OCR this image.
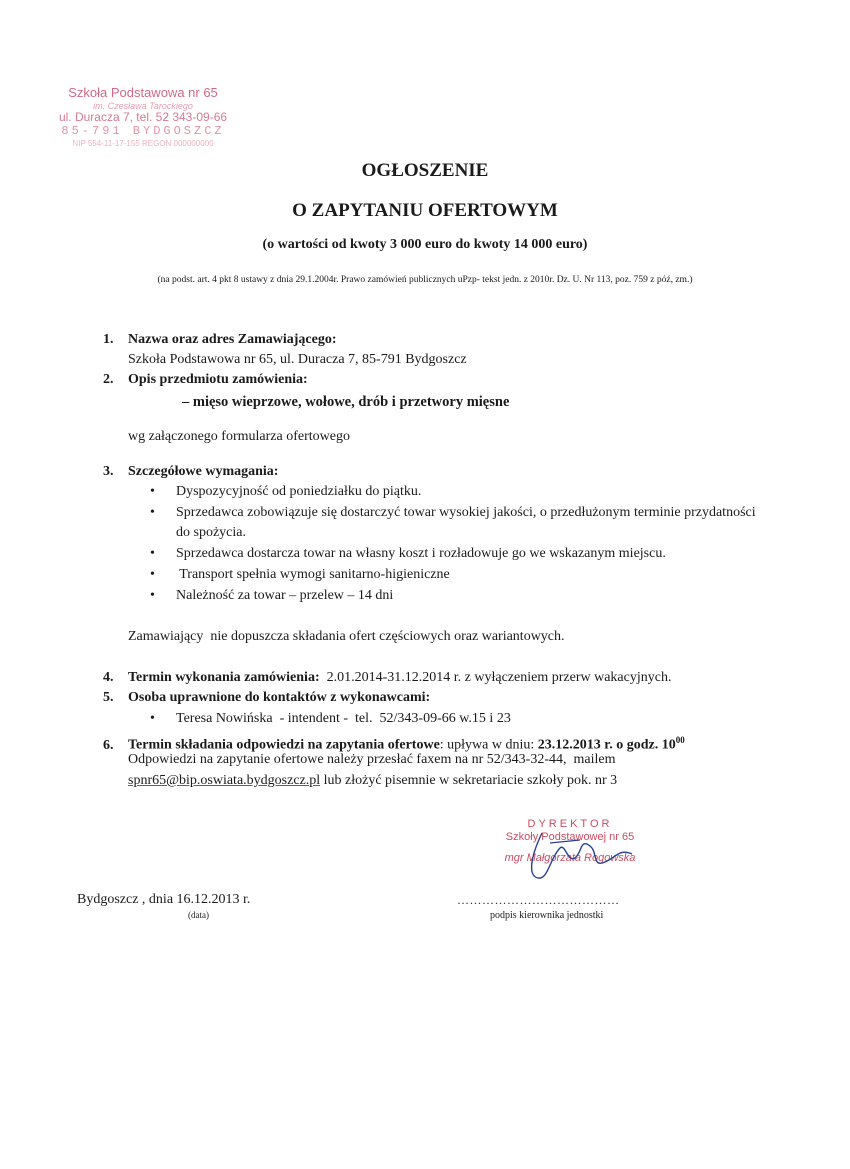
Szkoła Podstawowa nr 65
im. Czesława Tarockiego
ul. Duracza 7, tel. 52 343-09-66
85-791 BYDGOSZCZ
NIP 554-11-17-155 REGON 000000000
OGŁOSZENIE
O ZAPYTANIU OFERTOWYM
(o wartości od kwoty 3 000 euro do kwoty 14 000 euro)
(na podst. art. 4 pkt 8 ustawy z dnia 29.1.2004r. Prawo zamówień publicznych uPzp- tekst jedn. z 2010r. Dz. U. Nr 113, poz. 759 z póź, zm.)
1. Nazwa oraz adres Zamawiającego:
Szkoła Podstawowa nr 65, ul. Duracza 7, 85-791 Bydgoszcz
2. Opis przedmiotu zamówienia:
– mięso wieprzowe, wołowe, drób i przetwory mięsne
wg załączonego formularza ofertowego
3. Szczegółowe wymagania:
• Dyspozycyjność od poniedziałku do piątku.
• Sprzedawca zobowiązuje się dostarczyć towar wysokiej jakości, o przedłużonym terminie przydatności do spożycia.
• Sprzedawca dostarcza towar na własny koszt i rozładowuje go we wskazanym miejscu.
• Transport spełnia wymogi sanitarno-higieniczne
• Należność za towar – przelew – 14 dni
Zamawiający  nie dopuszcza składania ofert częściowych oraz wariantowych.
4. Termin wykonania zamówienia: 2.01.2014-31.12.2014 r. z wyłączeniem przerw wakacyjnych.
5. Osoba uprawnione do kontaktów z wykonawcami:
• Teresa Nowińska  - intendent -  tel.  52/343-09-66 w.15 i 23
6. Termin składania odpowiedzi na zapytania ofertowe: upływa w dniu: 23.12.2013 r. o godz. $10^{00}$
Odpowiedzi na zapytanie ofertowe należy przesłać faxem na nr 52/343-32-44,  mailem
spnr65@bip.oswiata.bydgoszcz.pl lub złożyć pisemnie w sekretariacie szkoły pok. nr 3
DYREKTOR
Szkoły Podstawowej nr 65
mgr Małgorzata Rogowska
…………………………………
podpis kierownika jednostki
Bydgoszcz , dnia 16.12.2013 r.
(data)
